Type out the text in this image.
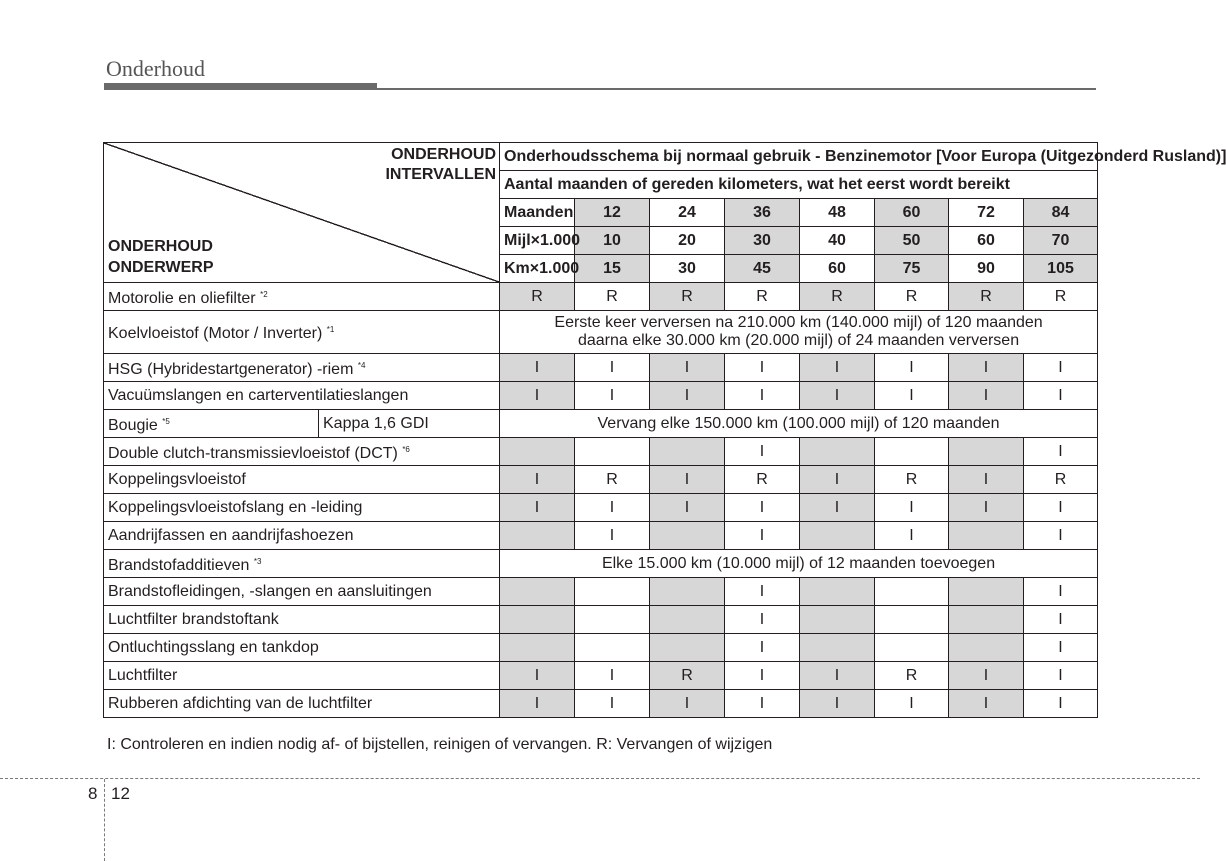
Onderhoud
ONDERHOUD
INTERVALLEN
ONDERHOUD
ONDERWERP		Onderhoudsschema bij normaal gebruik - Benzinemotor [Voor Europa (Uitgezonderd Rusland)]								
		Aantal maanden of gereden kilometers, wat het eerst wordt bereikt								
		Maanden	12	24	36	48	60	72	84	
		Mijl×1.000	10	20	30	40	50	60	70	
		Km×1.000	15	30	45	60	75	90	105	
Motorolie en oliefilter $^{*2}$		R	R	R	R	R	R	R	R	
Koelvloeistof (Motor / Inverter) $^{*1}$		Eerste keer verversen na 210.000 km (140.000 mijl) of 120 maanden
daarna elke 30.000 km (20.000 mijl) of 24 maanden verversen								

HSG (Hybridestartgenerator) -riem $^{*4}$		I	I	I	I	I	I	I	I	
Vacuümslangen en carterventilatieslangen		I	I	I	I	I	I	I	I	
Bougie $^{*5}$	Kappa 1,6 GDI	Vervang elke 150.000 km (100.000 mijl) of 120 maanden								
Double clutch-transmissievloeistof (DCT) $^{*6}$					I				I	
Koppelingsvloeistof		I	R	I	R	I	R	I	R	
Koppelingsvloeistofslang en -leiding		I	I	I	I	I	I	I	I	
Aandrijfassen en aandrijfashoezen			I		I		I		I	
Brandstofadditieven $^{*3}$		Elke 15.000 km (10.000 mijl) of 12 maanden toevoegen								
Brandstofleidingen, -slangen en aansluitingen					I				I	
Luchtfilter brandstoftank					I				I	
Ontluchtingsslang en tankdop					I				I	
Luchtfilter		I	I	R	I	I	R	I	I	
Rubberen afdichting van de luchtfilter		I	I	I	I	I	I	I	I	
I: Controleren en indien nodig af- of bijstellen, reinigen of vervangen. R: Vervangen of wijzigen
8 12
